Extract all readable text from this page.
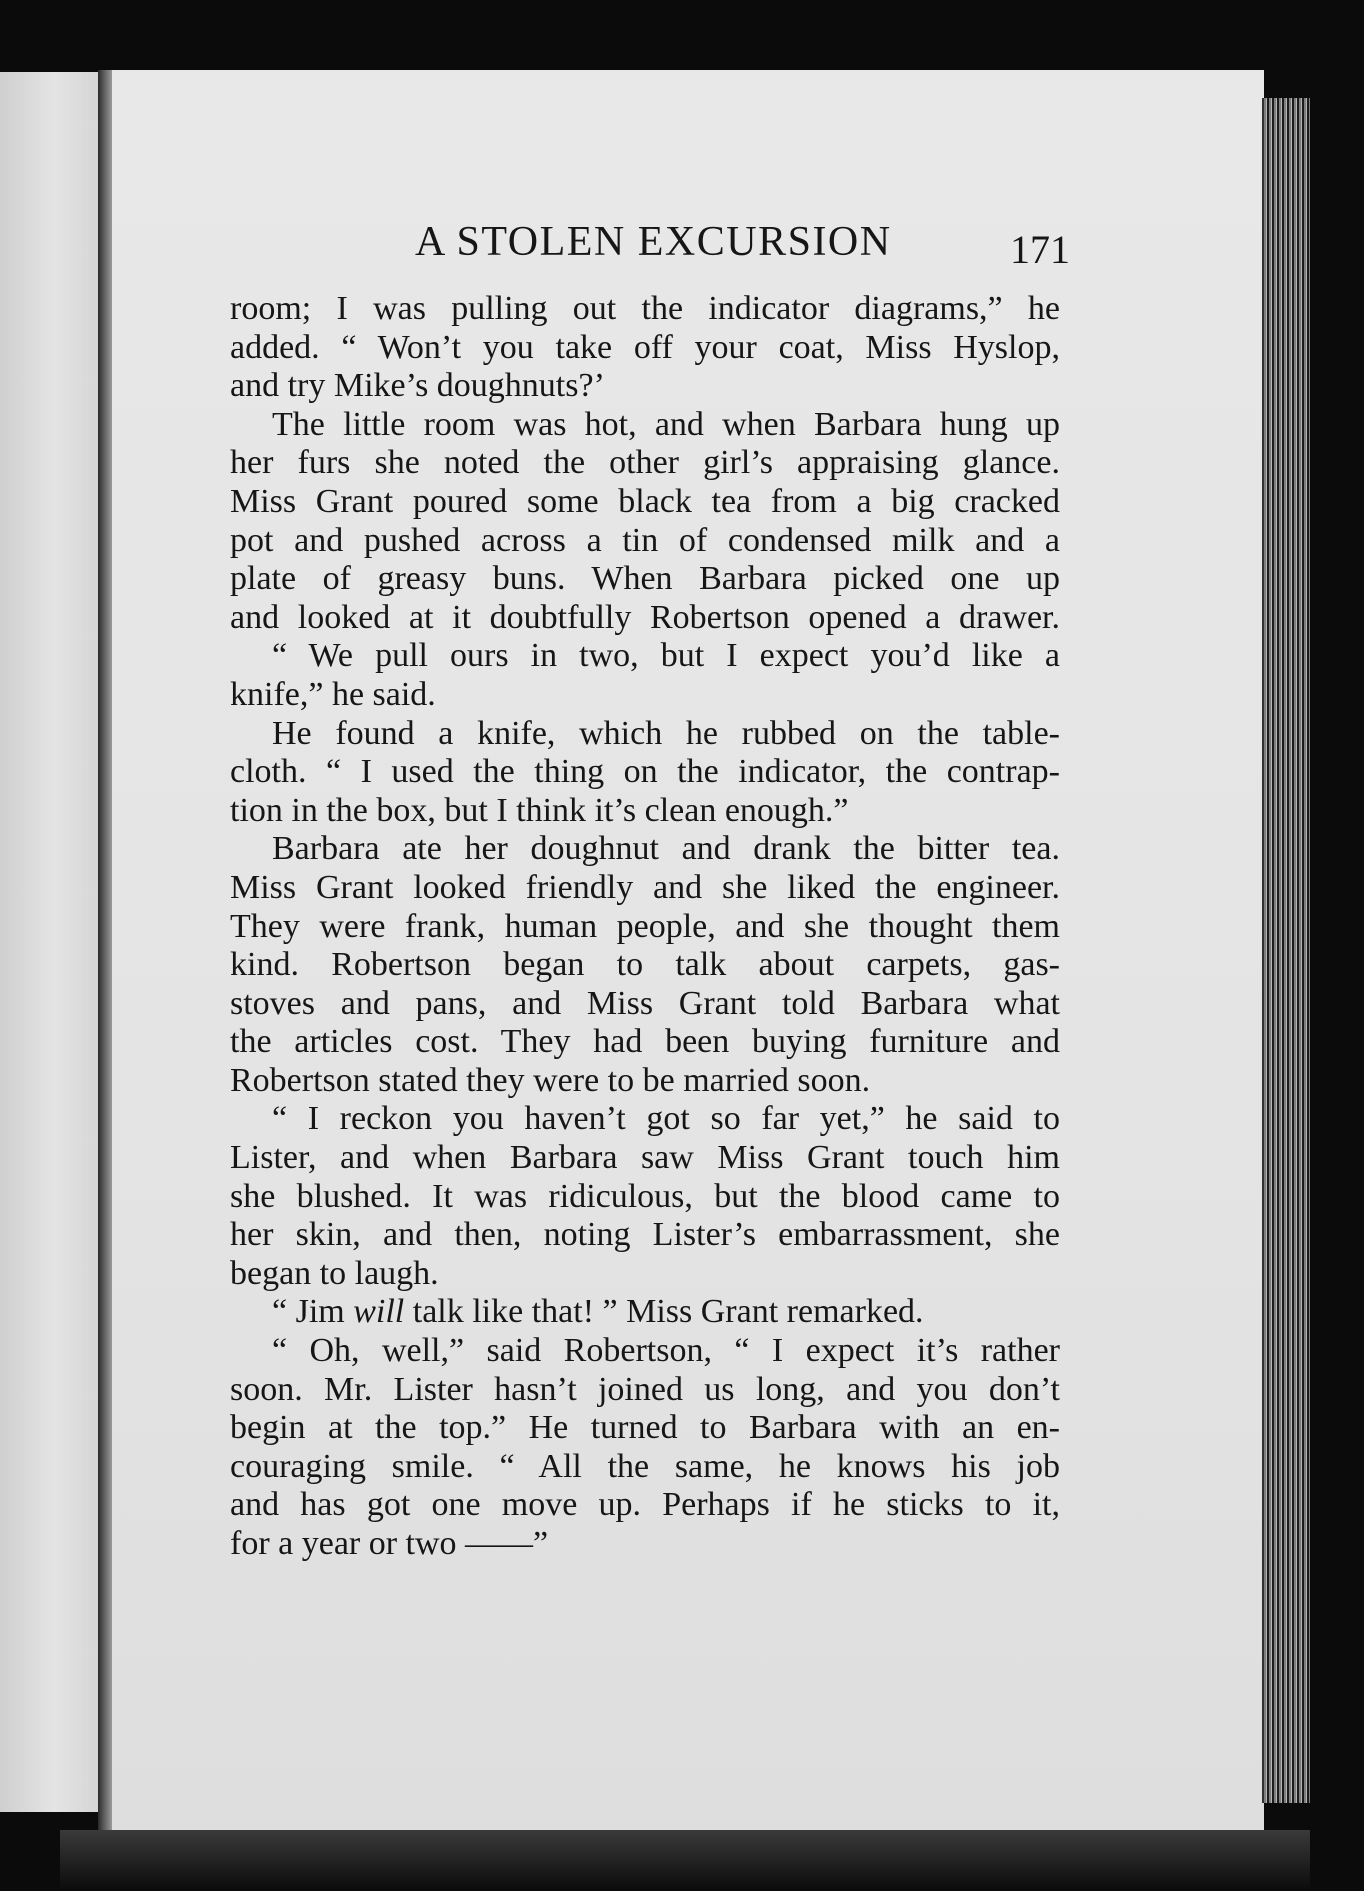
A STOLEN EXCURSION	171
room; I was pulling out the indicator diagrams,” he
added. “ Won’t you take off your coat, Miss Hyslop,
and try Mike’s doughnuts?’
The little room was hot, and when Barbara hung up
her furs she noted the other girl’s appraising glance.
Miss Grant poured some black tea from a big cracked
pot and pushed across a tin of condensed milk and a
plate of greasy buns. When Barbara picked one up
and looked at it doubtfully Robertson opened a drawer.
“ We pull ours in two, but I expect you’d like a
knife,” he said.
He found a knife, which he rubbed on the table-
cloth. “ I used the thing on the indicator, the contrap-
tion in the box, but I think it’s clean enough.”
Barbara ate her doughnut and drank the bitter tea.
Miss Grant looked friendly and she liked the engineer.
They were frank, human people, and she thought them
kind. Robertson began to talk about carpets, gas-
stoves and pans, and Miss Grant told Barbara what
the articles cost. They had been buying furniture and
Robertson stated they were to be married soon.
“ I reckon you haven’t got so far yet,” he said to
Lister, and when Barbara saw Miss Grant touch him
she blushed. It was ridiculous, but the blood came to
her skin, and then, noting Lister’s embarrassment, she
began to laugh.
“ Jim will talk like that! ” Miss Grant remarked.
“ Oh, well,” said Robertson, “ I expect it’s rather
soon. Mr. Lister hasn’t joined us long, and you don’t
begin at the top.” He turned to Barbara with an en-
couraging smile. “ All the same, he knows his job
and has got one move up. Perhaps if he sticks to it,
for a year or two ——”
